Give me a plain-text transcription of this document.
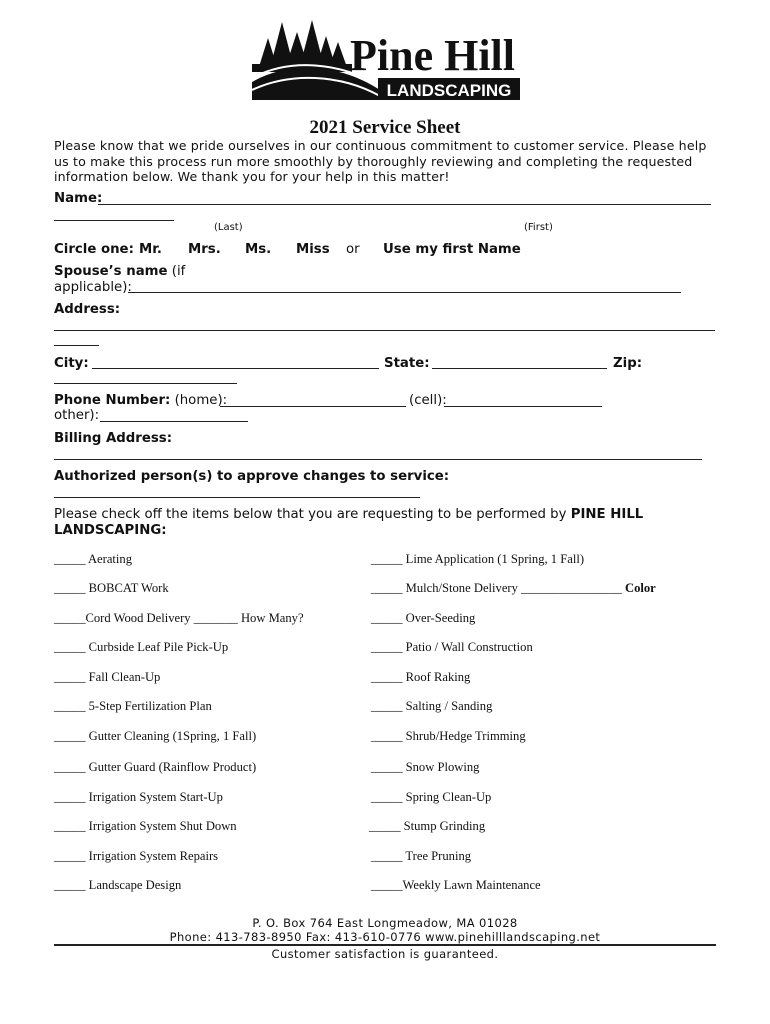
Pine Hill
LANDSCAPING
2021 Service Sheet
Please know that we pride ourselves in our continuous commitment to customer service. Please help us to make this process run more smoothly by thoroughly reviewing and completing the requested information below. We thank you for your help in this matter!
Name:
(Last)	(First)
Circle one: Mr. Mrs. Ms. Miss or Use my first Name
Spouse’s name (if
applicable):
Address:
City:	State:	Zip:
Phone Number: (home):	(cell):
other):
Billing Address:
Authorized person(s) to approve changes to service:
Please check off the items below that you are requesting to be performed by PINE HILL LANDSCAPING:
_____ Aerating
_____ BOBCAT Work
_____Cord Wood Delivery _______ How Many?
_____ Curbside Leaf Pile Pick-Up
_____ Fall Clean-Up
_____ 5-Step Fertilization Plan
_____ Gutter Cleaning (1Spring, 1 Fall)
_____ Gutter Guard (Rainflow Product)
_____ Irrigation System Start-Up
_____ Irrigation System Shut Down
_____ Irrigation System Repairs
_____ Landscape Design
_____ Lime Application (1 Spring, 1 Fall)
_____ Mulch/Stone Delivery ________________ Color
_____ Over-Seeding
_____ Patio / Wall Construction
_____ Roof Raking
_____ Salting / Sanding
_____ Shrub/Hedge Trimming
_____ Snow Plowing
_____ Spring Clean-Up
_____ Stump Grinding
_____ Tree Pruning
_____Weekly Lawn Maintenance
P. O. Box 764 East Longmeadow, MA 01028
Phone: 413-783-8950 Fax: 413-610-0776 www.pinehilllandscaping.net
Customer satisfaction is guaranteed.
